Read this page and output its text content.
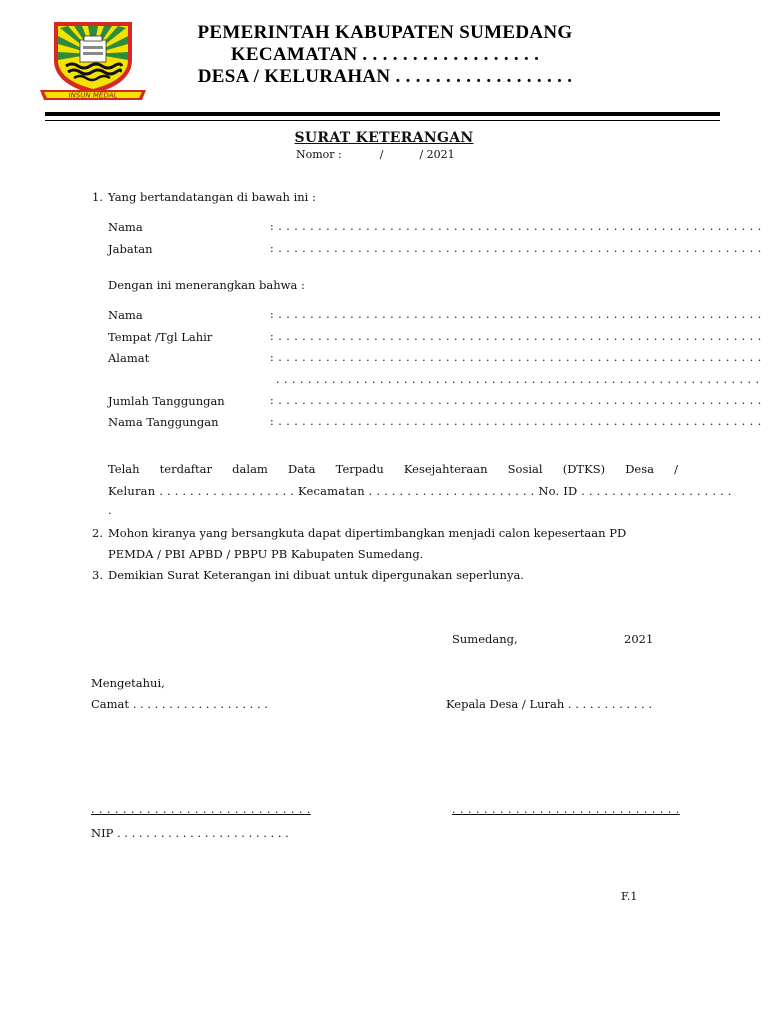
INSUN MEDAL
PEMERINTAH KABUPATEN SUMEDANG
KECAMATAN . . . . . . . . . . . . . . . . . .
DESA / KELURAHAN . . . . . . . . . . . . . . . . . .
SURAT KETERANGAN
Nomor :	/	/ 2021
1. Yang bertandatangan di bawah ini :
Nama	: . . . . . . . . . . . . . . . . . . . . . . . . . . . . . . . . . . . . . . . . . . . . . . . . . . . . . . . . . . . . .
Jabatan	: . . . . . . . . . . . . . . . . . . . . . . . . . . . . . . . . . . . . . . . . . . . . . . . . . . . . . . . . . . . . .
Dengan ini menerangkan bahwa :
Nama	: . . . . . . . . . . . . . . . . . . . . . . . . . . . . . . . . . . . . . . . . . . . . . . . . . . . . . . . . . . . . .
Tempat /Tgl Lahir	: . . . . . . . . . . . . . . . . . . . . . . . . . . . . . . . . . . . . . . . . . . . . . . . . . . . . . . . . . . . . .
Alamat	: . . . . . . . . . . . . . . . . . . . . . . . . . . . . . . . . . . . . . . . . . . . . . . . . . . . . . . . . . . . . .
. . . . . . . . . . . . . . . . . . . . . . . . . . . . . . . . . . . . . . . . . . . . . . . . . . . . . . . . . . . . .
Jumlah Tanggungan	: . . . . . . . . . . . . . . . . . . . . . . . . . . . . . . . . . . . . . . . . . . . . . . . . . . . . . . . . . . . . .
Nama Tanggungan	: . . . . . . . . . . . . . . . . . . . . . . . . . . . . . . . . . . . . . . . . . . . . . . . . . . . . . . . . . . . . .
Telah terdaftar dalam Data Terpadu Kesejahteraan Sosial (DTKS) Desa /
Keluran . . . . . . . . . . . . . . . . . . Kecamatan . . . . . . . . . . . . . . . . . . . . . . No. ID . . . . . . . . . . . . . . . . . . . .
.
2. Mohon kiranya yang bersangkuta dapat dipertimbangkan menjadi calon kepesertaan PD
PEMDA / PBI APBD / PBPU PB Kabupaten Sumedang.
3. Demikian Surat Keterangan ini dibuat untuk dipergunakan seperlunya.
Sumedang,	2021
Mengetahui,
Camat . . . . . . . . . . . . . . . . . . .	Kepala Desa / Lurah . . . . . . . . . . . .
. . . . . . . . . . . . . . . . . . . . . . . . . . . .	. . . . . . . . . . . . . . . . . . . . . . . . . . . . .
NIP . . . . . . . . . . . . . . . . . . . . . . . .
F.1
